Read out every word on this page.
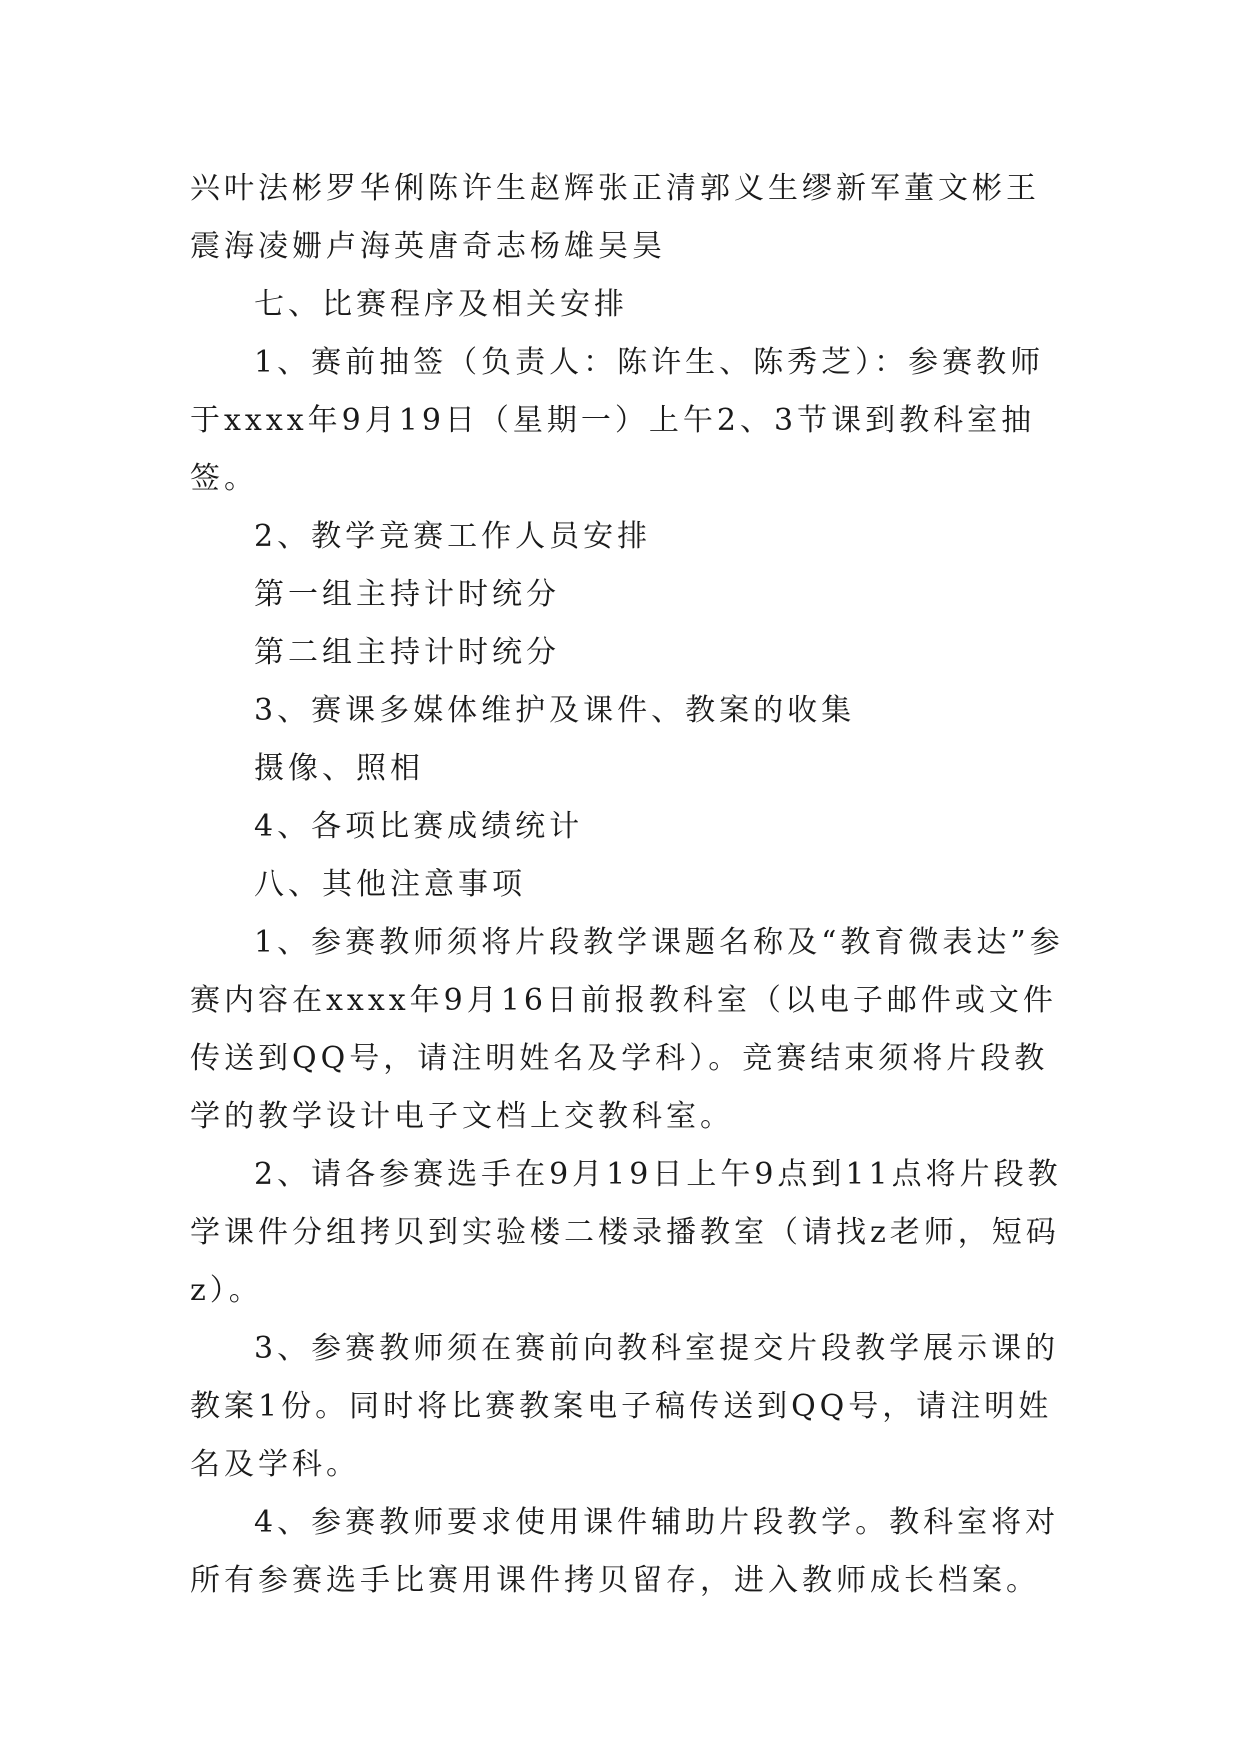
兴叶法彬罗华俐陈许生赵辉张正清郭义生缪新军董文彬王震海凌姗卢海英唐奇志杨雄吴昊

七、比赛程序及相关安排

1、赛前抽签（负责人：陈许生、陈秀芝）：参赛教师于xxxx年9月19日（星期一）上午2、3节课到教科室抽签。

2、教学竞赛工作人员安排

第一组主持计时统分

第二组主持计时统分

3、赛课多媒体维护及课件、教案的收集

摄像、照相

4、各项比赛成绩统计

八、其他注意事项

1、参赛教师须将片段教学课题名称及“教育微表达”参赛内容在xxxx年9月16日前报教科室（以电子邮件或文件传送到QQ号，请注明姓名及学科）。竞赛结束须将片段教学的教学设计电子文档上交教科室。

2、请各参赛选手在9月19日上午9点到11点将片段教学课件分组拷贝到实验楼二楼录播教室（请找z老师，短码z）。

3、参赛教师须在赛前向教科室提交片段教学展示课的教案1份。同时将比赛教案电子稿传送到QQ号，请注明姓名及学科。

4、参赛教师要求使用课件辅助片段教学。教科室将对所有参赛选手比赛用课件拷贝留存，进入教师成长档案。
